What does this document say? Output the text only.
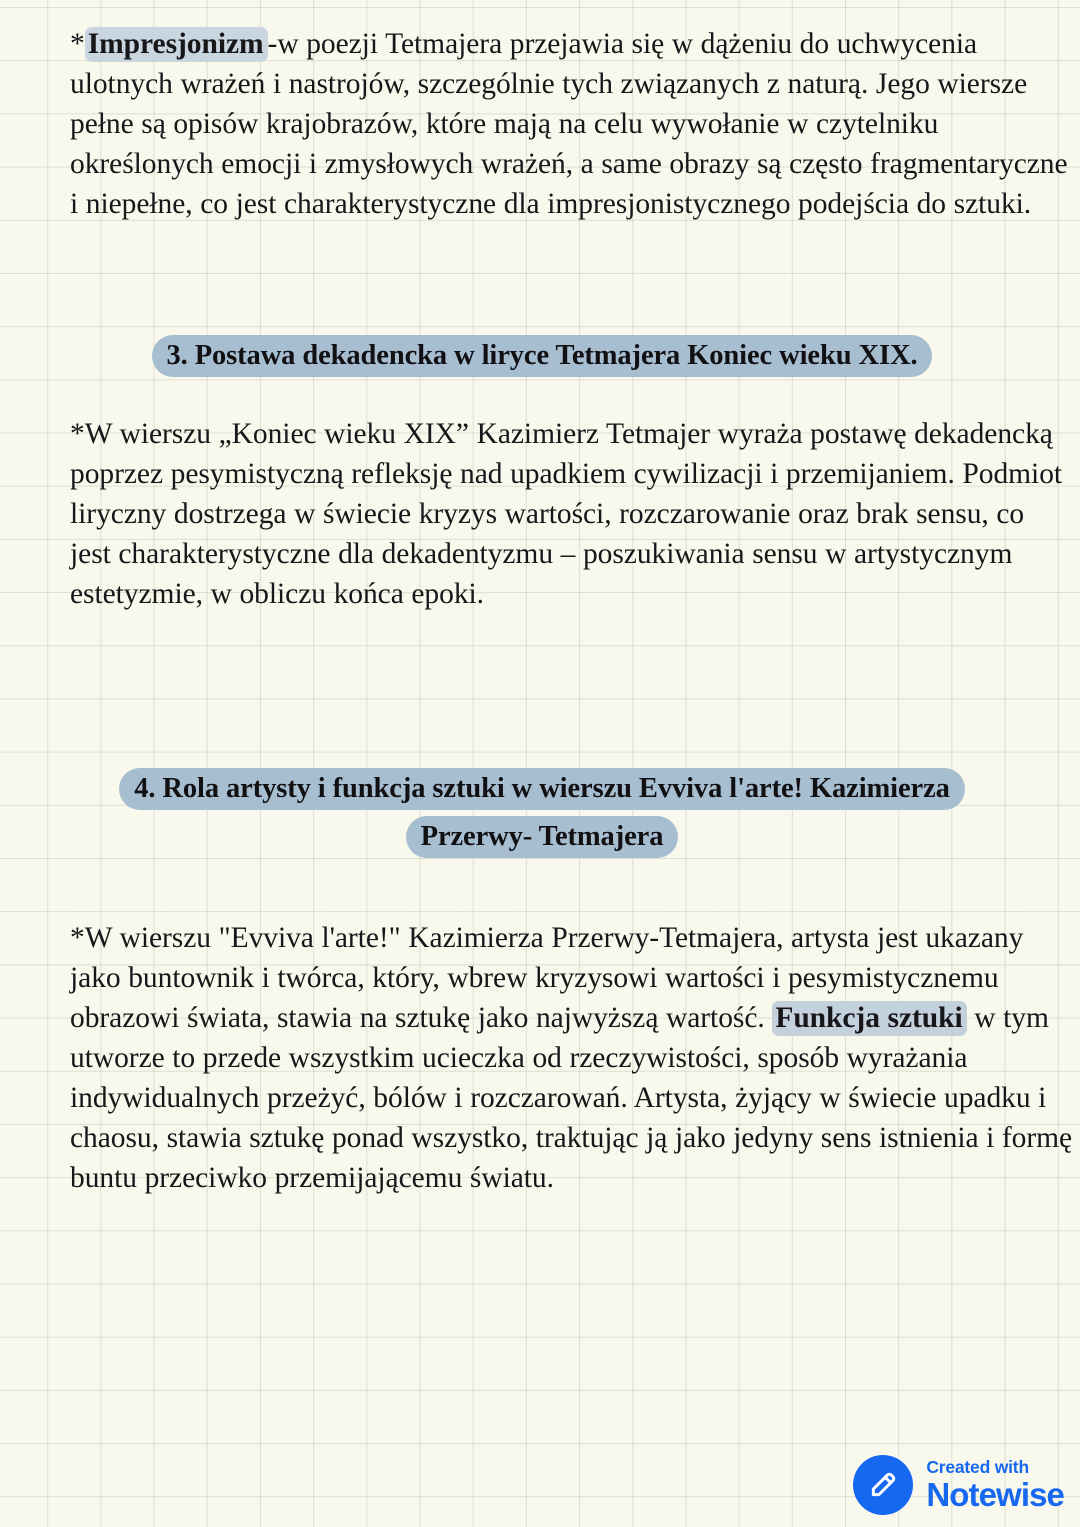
* Impresjonizm -w poezji Tetmajera przejawia się w dążeniu do uchwycenia ulotnych wrażeń i nastrojów, szczególnie tych związanych z naturą. Jego wiersze pełne są opisów krajobrazów, które mają na celu wywołanie w czytelniku określonych emocji i zmysłowych wrażeń, a same obrazy są często fragmentaryczne i niepełne, co jest charakterystyczne dla impresjonistycznego podejścia do sztuki.

3. Postawa dekadencka w liryce Tetmajera Koniec wieku XIX.

*W wierszu „Koniec wieku XIX” Kazimierz Tetmajer wyraża postawę dekadencką poprzez pesymistyczną refleksję nad upadkiem cywilizacji i przemijaniem. Podmiot liryczny dostrzega w świecie kryzys wartości, rozczarowanie oraz brak sensu, co jest charakterystyczne dla dekadentyzmu – poszukiwania sensu w artystycznym estetyzmie, w obliczu końca epoki.

4. Rola artysty i funkcja sztuki w wierszu Evviva l'arte! Kazimierza
Przerwy- Tetmajera

*W wierszu "Evviva l'arte!" Kazimierza Przerwy-Tetmajera, artysta jest ukazany jako buntownik i twórca, który, wbrew kryzysowi wartości i pesymistycznemu obrazowi świata, stawia na sztukę jako najwyższą wartość. Funkcja sztuki w tym utworze to przede wszystkim ucieczka od rzeczywistości, sposób wyrażania indywidualnych przeżyć, bólów i rozczarowań. Artysta, żyjący w świecie upadku i chaosu, stawia sztukę ponad wszystko, traktując ją jako jedyny sens istnienia i formę buntu przeciwko przemijającemu światu.

Created with
Notewise
